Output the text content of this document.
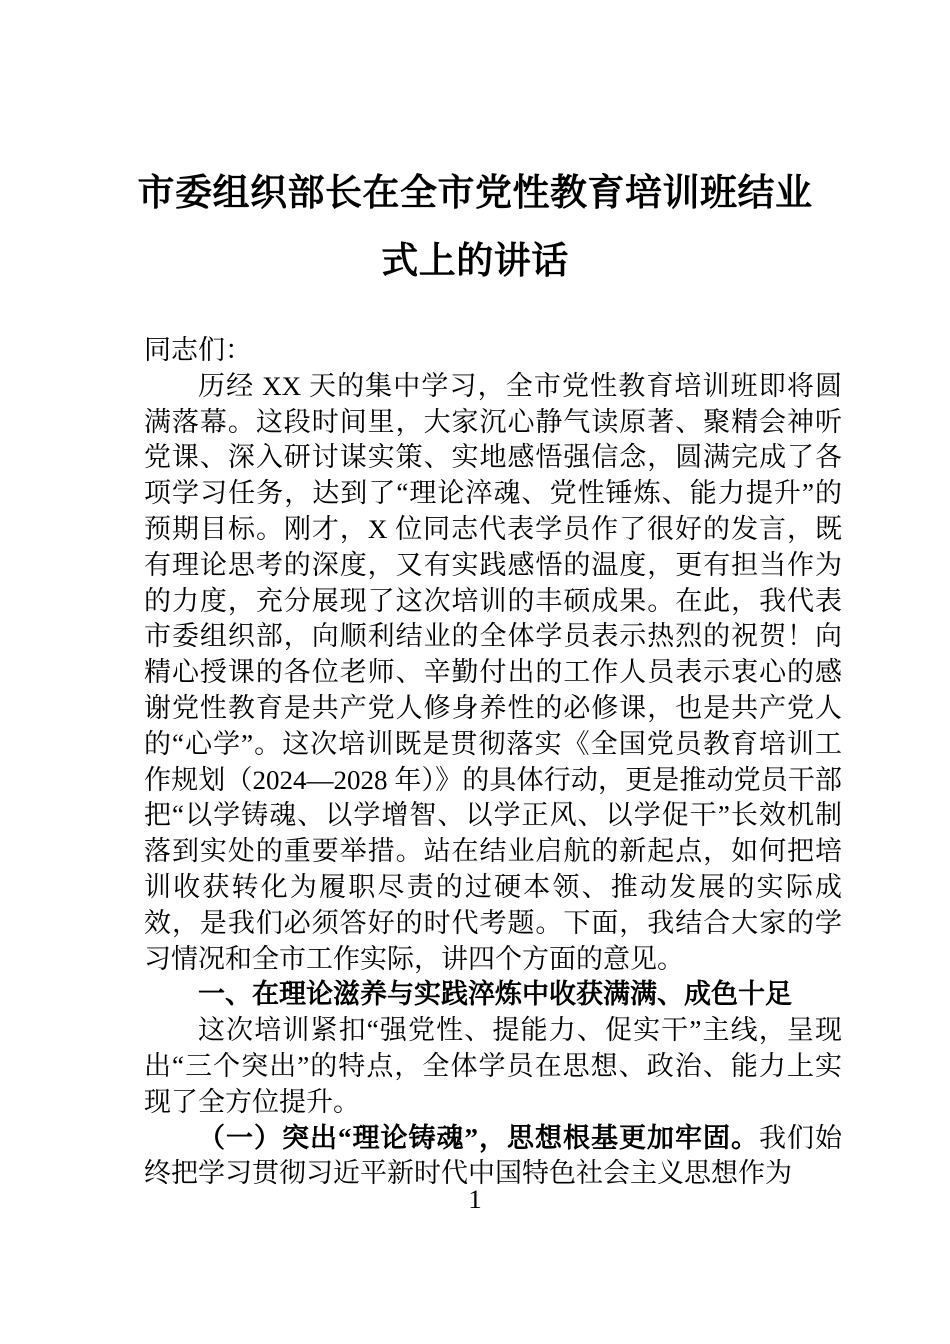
市委组织部长在全市党性教育培训班结业式上的讲话

同志们：

历经 XX 天的集中学习，全市党性教育培训班即将圆满落幕。这段时间里，大家沉心静气读原著、聚精会神听党课、深入研讨谋实策、实地感悟强信念，圆满完成了各项学习任务，达到了“理论淬魂、党性锤炼、能力提升”的预期目标。刚才，X 位同志代表学员作了很好的发言，既有理论思考的深度，又有实践感悟的温度，更有担当作为的力度，充分展现了这次培训的丰硕成果。在此，我代表市委组织部，向顺利结业的全体学员表示热烈的祝贺！向精心授课的各位老师、辛勤付出的工作人员表示衷心的感谢党性教育是共产党人修身养性的必修课，也是共产党人的“心学”。这次培训既是贯彻落实《全国党员教育培训工作规划（2024—2028 年）》的具体行动，更是推动党员干部把“以学铸魂、以学增智、以学正风、以学促干”长效机制落到实处的重要举措。站在结业启航的新起点，如何把培训收获转化为履职尽责的过硬本领、推动发展的实际成效，是我们必须答好的时代考题。下面，我结合大家的学习情况和全市工作实际，讲四个方面的意见。

一、在理论滋养与实践淬炼中收获满满、成色十足

这次培训紧扣“强党性、提能力、促实干”主线，呈现出“三个突出”的特点，全体学员在思想、政治、能力上实现了全方位提升。

（一）突出“理论铸魂”，思想根基更加牢固。我们始终把学习贯彻习近平新时代中国特色社会主义思想作为

1
